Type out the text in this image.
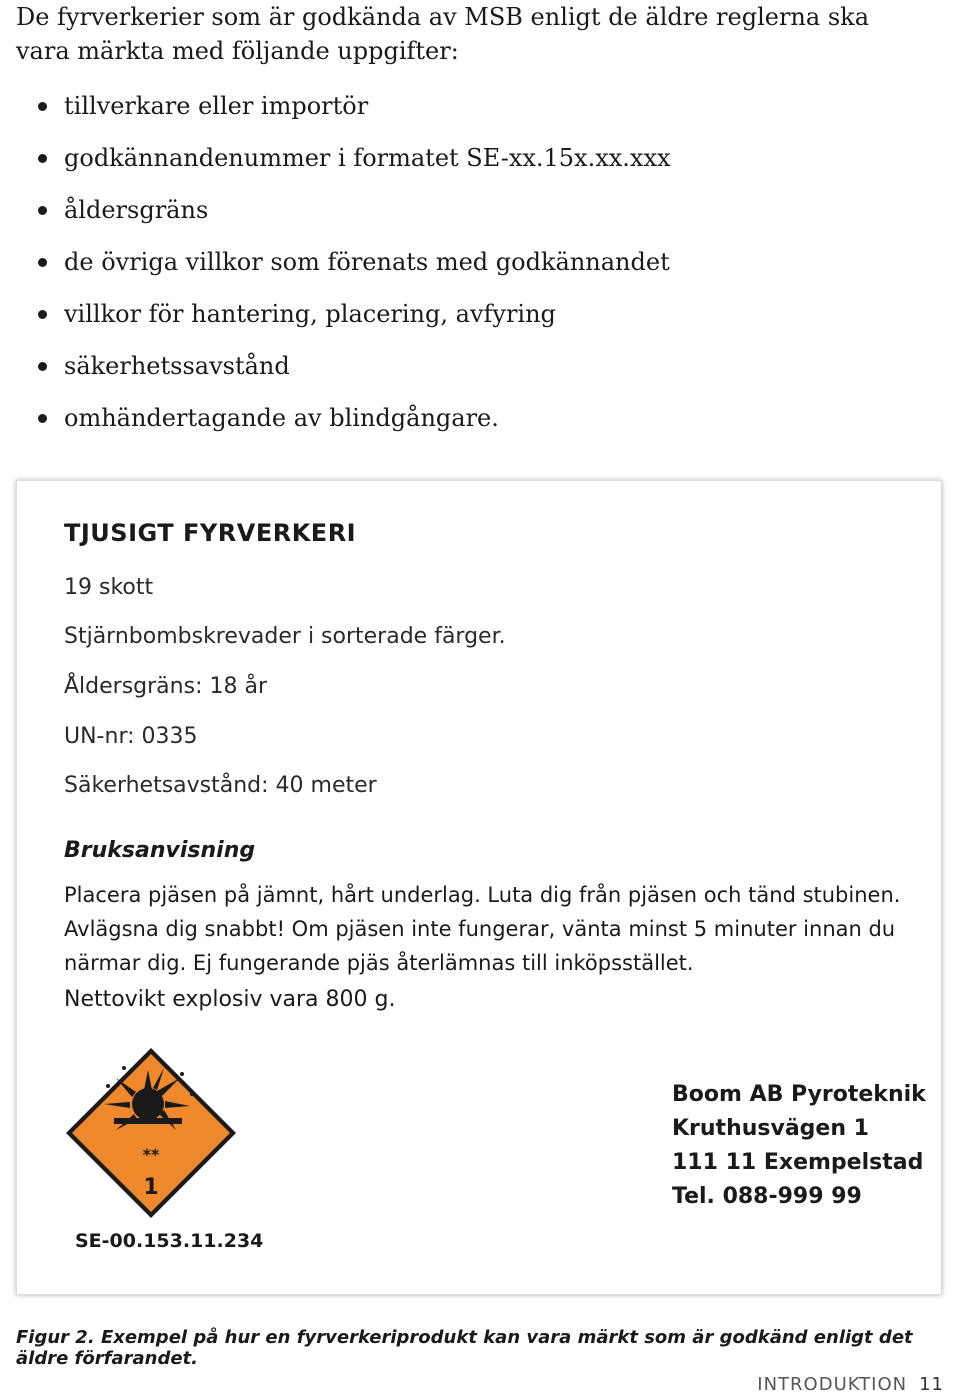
De fyrverkerier som är godkända av MSB enligt de äldre reglerna ska vara märkta med följande uppgifter:

tillverkare eller importör
godkännandenummer i formatet SE-xx.15x.xx.xxx
åldersgräns
de övriga villkor som förenats med godkännandet
villkor för hantering, placering, avfyring
säkerhetssavstånd
omhändertagande av blindgångare.

TJUSIGT FYRVERKERI

19 skott

Stjärnbombskrevader i sorterade färger.

Åldersgräns: 18 år

UN-nr: 0335

Säkerhetsavstånd: 40 meter

Bruksanvisning

Placera pjäsen på jämnt, hårt underlag. Luta dig från pjäsen och tänd stubinen. Avlägsna dig snabbt! Om pjäsen inte fungerar, vänta minst 5 minuter innan du närmar dig. Ej fungerande pjäs återlämnas till inköpsstället.

Nettovikt explosiv vara 800 g.

**
1
SE-00.153.11.234
Boom AB Pyroteknik
Kruthusvägen 1
111 11 Exempelstad
Tel. 088-999 99

Figur 2. Exempel på hur en fyrverkeriprodukt kan vara märkt som är godkänd enligt det äldre förfarandet.

INTRODUKTION 11
